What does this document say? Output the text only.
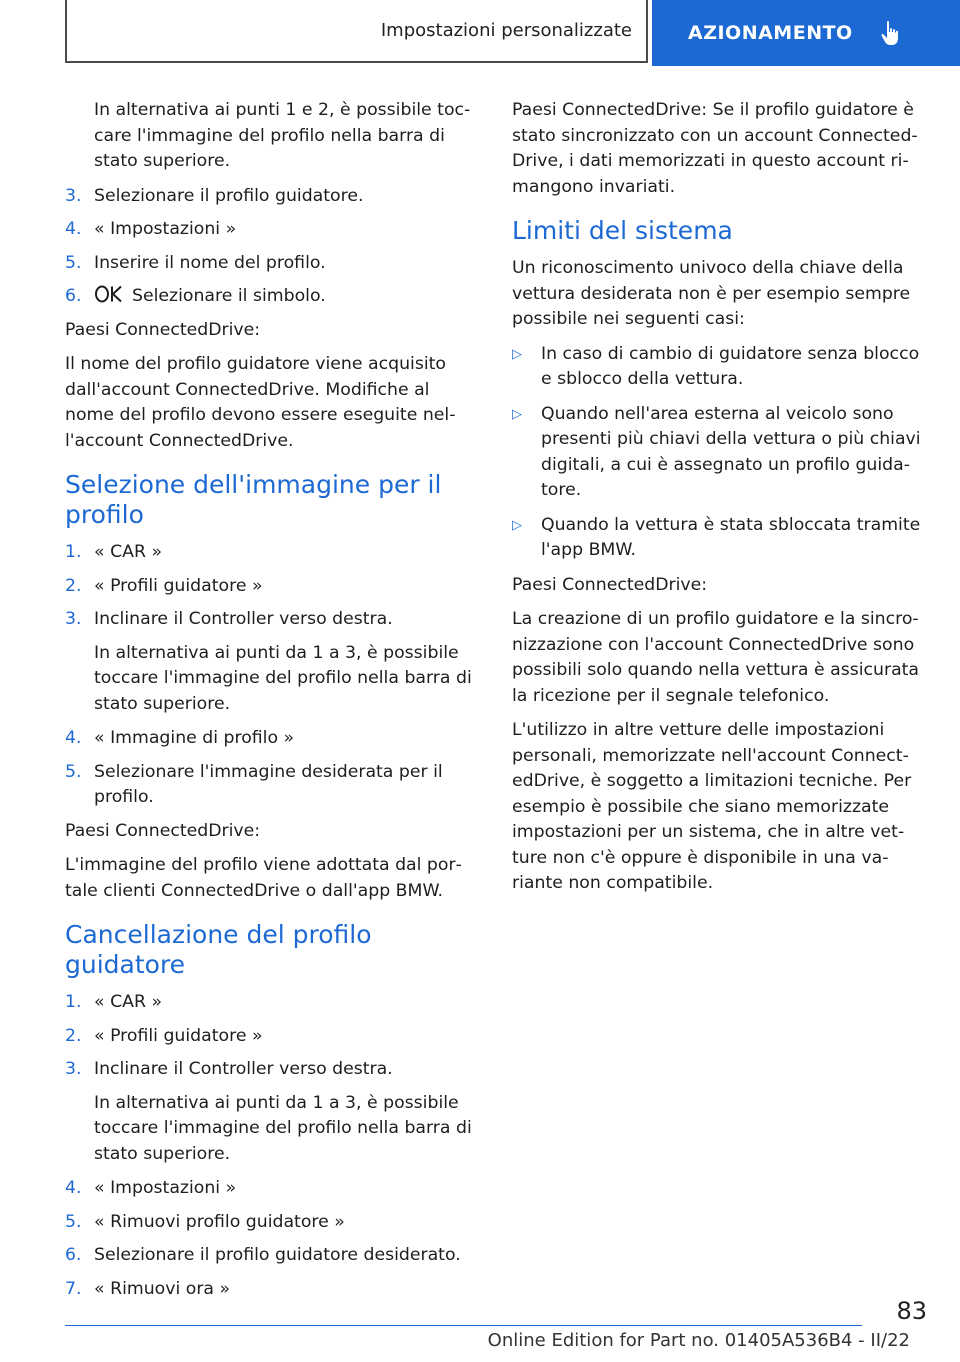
Impostazioni personalizzate	AZIONAMENTO

In alternativa ai punti 1 e 2, è possibile toccare l'immagine del profilo nella barra di stato superiore.

3. Selezionare il profilo guidatore.
4. « Impostazioni »
5. Inserire il nome del profilo.
6.	Selezionare il simbolo.

Paesi ConnectedDrive:

Il nome del profilo guidatore viene acquisito dall'account ConnectedDrive. Modifiche al nome del profilo devono essere eseguite nell'account ConnectedDrive.

Selezione dell'immagine per il profilo
1. « CAR »
2. « Profili guidatore »
3. Inclinare il Controller verso destra.

In alternativa ai punti da 1 a 3, è possibile toccare l'immagine del profilo nella barra di stato superiore.

4. « Immagine di profilo »
5. Selezionare l'immagine desiderata per il profilo.

Paesi ConnectedDrive:

L'immagine del profilo viene adottata dal portale clienti ConnectedDrive o dall'app BMW.

Cancellazione del profilo guidatore
1. « CAR »
2. « Profili guidatore »
3. Inclinare il Controller verso destra.

In alternativa ai punti da 1 a 3, è possibile toccare l'immagine del profilo nella barra di stato superiore.

4. « Impostazioni »
5. « Rimuovi profilo guidatore »
6. Selezionare il profilo guidatore desiderato.
7. « Rimuovi ora »

Paesi ConnectedDrive: Se il profilo guidatore è stato sincronizzato con un account ConnectedDrive, i dati memorizzati in questo account rimangono invariati.

Limiti del sistema

Un riconoscimento univoco della chiave della vettura desiderata non è per esempio sempre possibile nei seguenti casi:

▷	In caso di cambio di guidatore senza blocco e sblocco della vettura.
▷	Quando nell'area esterna al veicolo sono presenti più chiavi della vettura o più chiavi digitali, a cui è assegnato un profilo guidatore.
▷	Quando la vettura è stata sbloccata tramite l'app BMW.

Paesi ConnectedDrive:

La creazione di un profilo guidatore e la sincronizzazione con l'account ConnectedDrive sono possibili solo quando nella vettura è assicurata la ricezione per il segnale telefonico.

L'utilizzo in altre vetture delle impostazioni personali, memorizzate nell'account ConnectedDrive, è soggetto a limitazioni tecniche. Per esempio è possibile che siano memorizzate impostazioni per un sistema, che in altre vetture non c'è oppure è disponibile in una variante non compatibile.

83
Online Edition for Part no. 01405A536B4 - II/22
